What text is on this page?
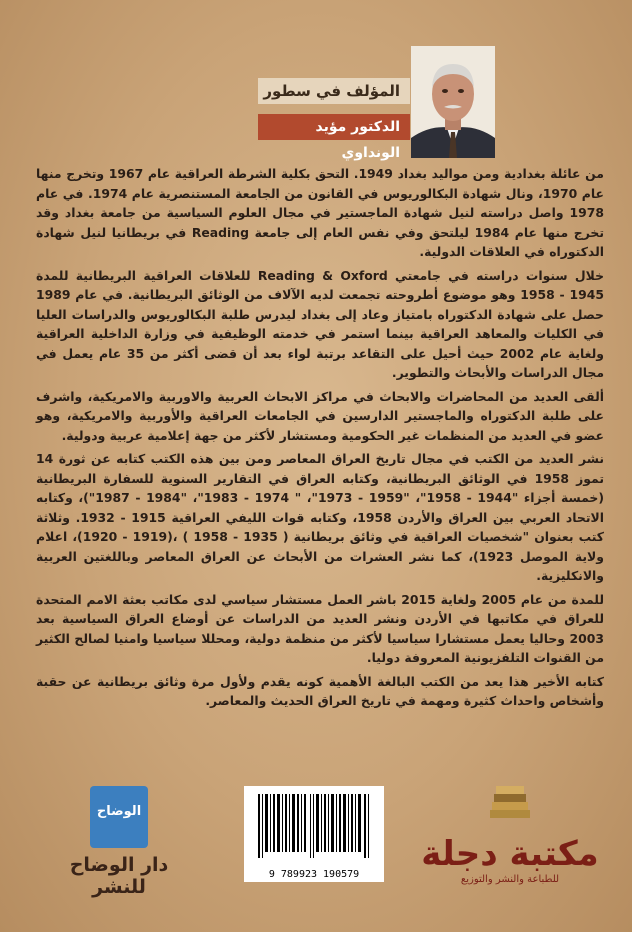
المؤلف في سطور
الدكتور مؤيد الونداوي

من عائلة بغدادية ومن مواليد بغداد 1949. التحق بكلية الشرطة العراقية عام 1967 وتخرج منها عام 1970، ونال شهادة البكالوريوس في القانون من الجامعة المستنصرية عام 1974. في عام 1978 واصل دراسته لنيل شهادة الماجستير في مجال العلوم السياسية من جامعة بغداد وقد تخرج منها عام 1984 ليلتحق وفي نفس العام إلى جامعة Reading في بريطانيا لنيل شهادة الدكتوراه في العلاقات الدولية.

خلال سنوات دراسته في جامعتي Reading & Oxford للعلاقات العراقية البريطانية للمدة 1945 - 1958 وهو موضوع أطروحته تجمعت لديه الآلاف من الوثائق البريطانية. في عام 1989 حصل على شهادة الدكتوراه بامتياز وعاد إلى بغداد ليدرس طلبة البكالوريوس والدراسات العليا في الكليات والمعاهد العراقية بينما استمر في خدمته الوظيفية في وزارة الداخلية العراقية ولغاية عام 2002 حيث أحيل على التقاعد برتبة لواء بعد أن قضى أكثر من 35 عام يعمل في مجال الدراسات والأبحاث والتطوير.

ألقى العديد من المحاضرات والابحاث في مراكز الابحاث العربية والاوربية والامريكية، واشرف على طلبة الدكتوراه والماجستير الدارسين في الجامعات العراقية والأوربية والامريكية، وهو عضو في العديد من المنظمات غير الحكومية ومستشار لأكثر من جهة إعلامية عربية ودولية.

نشر العديد من الكتب في مجال تاريخ العراق المعاصر ومن بين هذه الكتب كتابه عن ثورة 14 تموز 1958 في الوثائق البريطانية، وكتابه العراق في التقارير السنوية للسفارة البريطانية (خمسة أجزاء "1944 - 1958"، "1959 - 1973"، " 1974 - 1983"، "1984 - 1987")، وكتابه الاتحاد العربي بين العراق والأردن 1958، وكتابه قوات الليفي العراقية 1915 - 1932. وثلاثة كتب بعنوان "شخصيات العراقية في وثائق بريطانية ( 1935 - 1958 ) ،(1919 - 1920)، اعلام ولاية الموصل 1923)، كما نشر العشرات من الأبحاث عن العراق المعاصر وباللغتين العربية والانكليزية.

للمدة من عام 2005 ولغاية 2015 باشر العمل مستشار سياسي لدى مكاتب بعثة الامم المتحدة للعراق في مكاتبها في الأردن ونشر العديد من الدراسات عن أوضاع العراق السياسية بعد 2003 وحاليا يعمل مستشارا سياسيا لأكثر من منظمة دولية، ومحللا سياسيا وامنيا لصالح الكثير من القنوات التلفزيونية المعروفة دوليا.

كتابه الأخير هذا يعد من الكتب البالغة الأهمية كونه يقدم ولأول مرة وثائق بريطانية عن حقبة وأشخاص واحداث كثيرة ومهمة في تاريخ العراق الحديث والمعاصر.

الوضاح
دار الوضاح للنشر
9 789923 190579
مكتبة دجلة
للطباعة والنشر والتوزيع
